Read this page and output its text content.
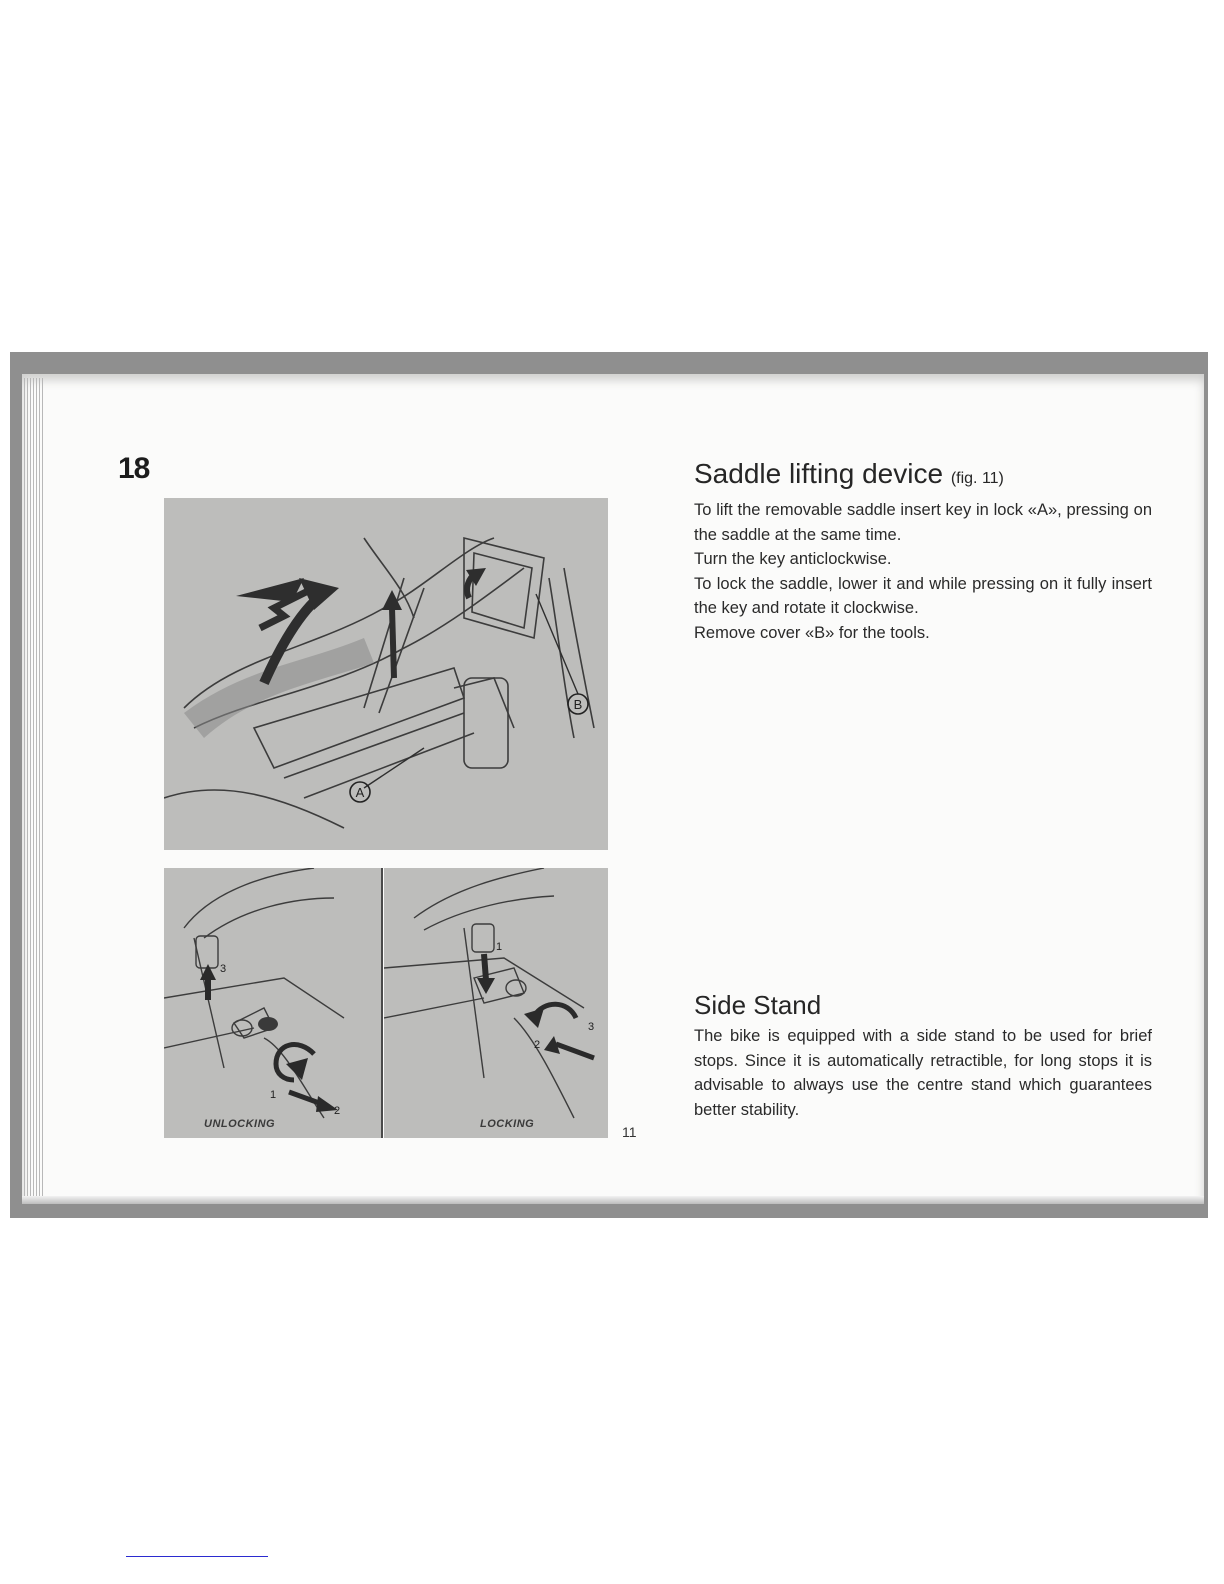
18
A
B
3
1
2
UNLOCKING
1
2
3
LOCKING	11
Saddle lifting device (fig. 11)

To lift the removable saddle insert key in lock «A», pressing on the saddle at the same time.
Turn the key anticlockwise.
To lock the saddle, lower it and while pressing on it fully insert the key and rotate it clockwise.
Remove cover «B» for the tools.

Side Stand

The bike is equipped with a side stand to be used for brief stops. Since it is automatically retractible, for long stops it is advisable to always use the centre stand which guarantees better stability.
